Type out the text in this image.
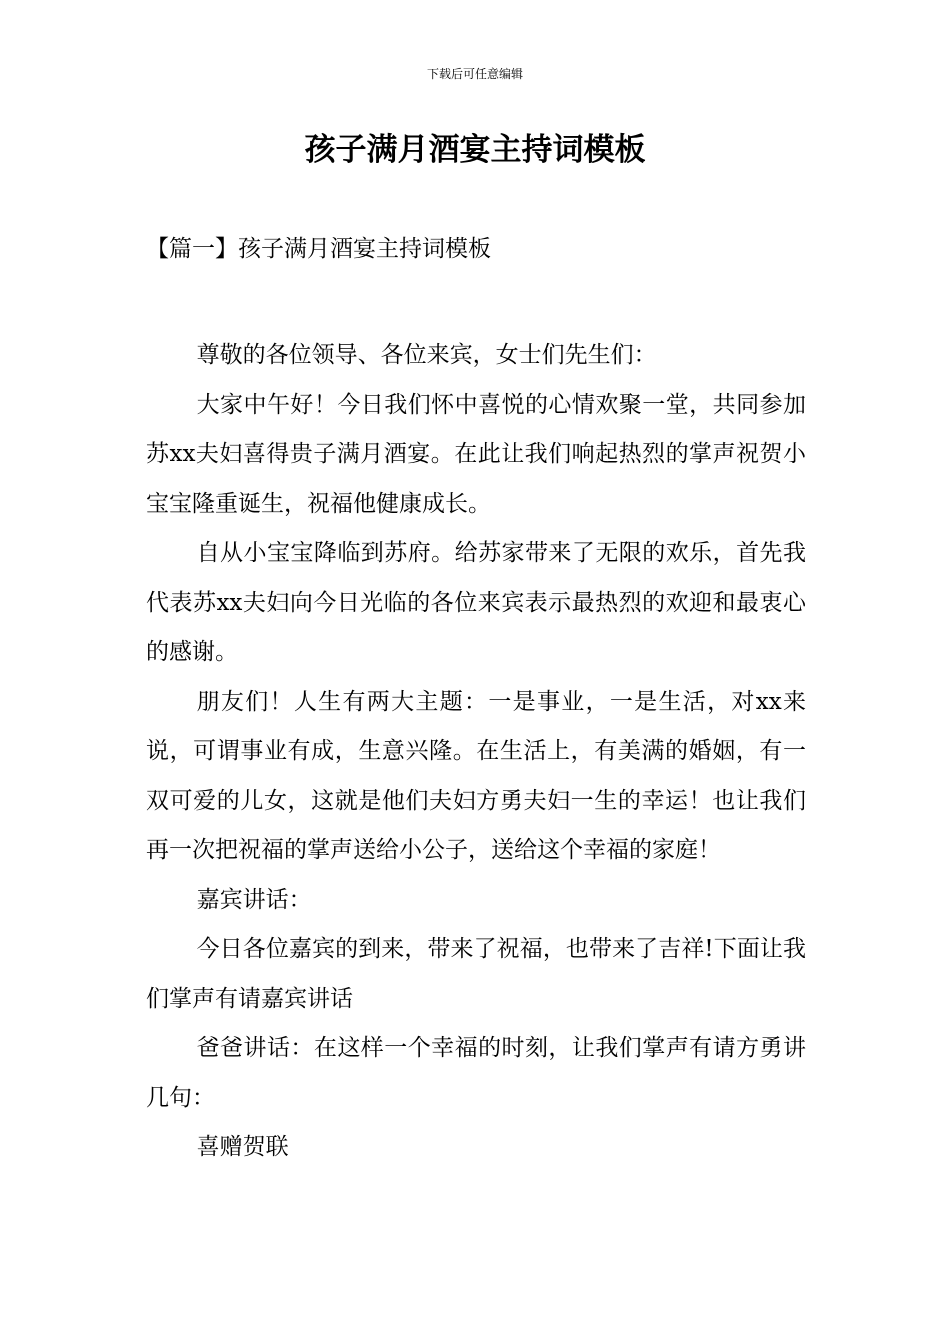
下载后可任意编辑
孩子满月酒宴主持词模板
【篇一】孩子满月酒宴主持词模板

尊敬的各位领导、各位来宾，女士们先生们：

大家中午好！今日我们怀中喜悦的心情欢聚一堂，共同参加苏xx夫妇喜得贵子满月酒宴。在此让我们响起热烈的掌声祝贺小宝宝隆重诞生，祝福他健康成长。

自从小宝宝降临到苏府。给苏家带来了无限的欢乐，首先我代表苏xx夫妇向今日光临的各位来宾表示最热烈的欢迎和最衷心的感谢。

朋友们！人生有两大主题：一是事业，一是生活，对xx来说，可谓事业有成，生意兴隆。在生活上，有美满的婚姻，有一双可爱的儿女，这就是他们夫妇方勇夫妇一生的幸运！也让我们再一次把祝福的掌声送给小公子，送给这个幸福的家庭！

嘉宾讲话：

今日各位嘉宾的到来，带来了祝福，也带来了吉祥!下面让我们掌声有请嘉宾讲话

爸爸讲话：在这样一个幸福的时刻，让我们掌声有请方勇讲几句：

喜赠贺联
